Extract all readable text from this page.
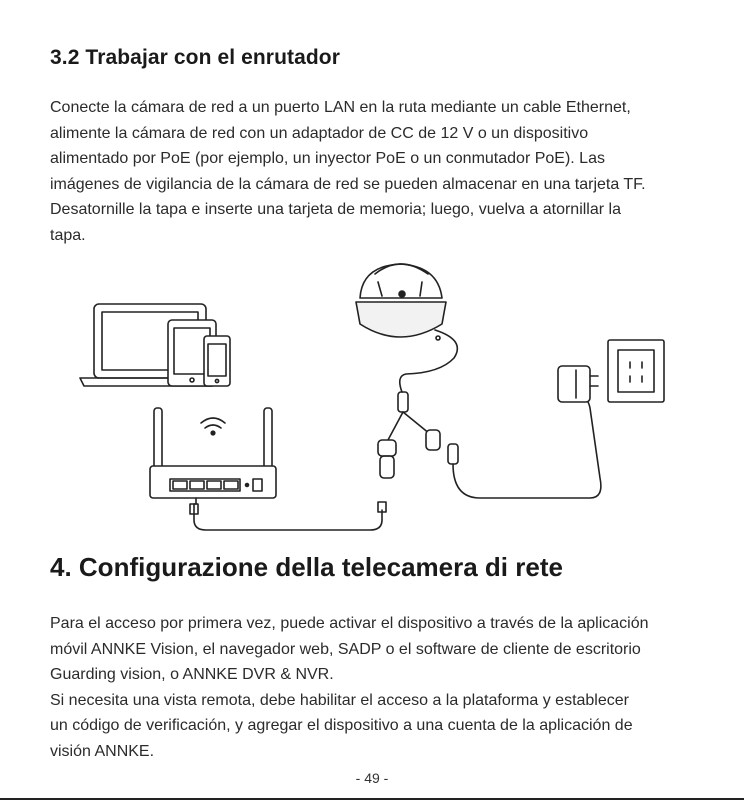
3.2 Trabajar con el enrutador
Conecte la cámara de red a un puerto LAN en la ruta mediante un cable Ethernet,
alimente la cámara de red con un adaptador de CC de 12 V o un dispositivo
alimentado por PoE (por ejemplo, un inyector PoE o un conmutador PoE). Las
imágenes de vigilancia de la cámara de red se pueden almacenar en una tarjeta TF.
Desatornille la tapa e inserte una tarjeta de memoria; luego, vuelva a atornillar la
tapa.
4. Configurazione della telecamera di rete
Para el acceso por primera vez, puede activar el dispositivo a través de la aplicación
móvil ANNKE Vision, el navegador web, SADP o el software de cliente de escritorio
Guarding vision, o ANNKE DVR & NVR.
Si necesita una vista remota, debe habilitar el acceso a la plataforma y establecer
un código de verificación, y agregar el dispositivo a una cuenta de la aplicación de
visión ANNKE.
- 49 -
